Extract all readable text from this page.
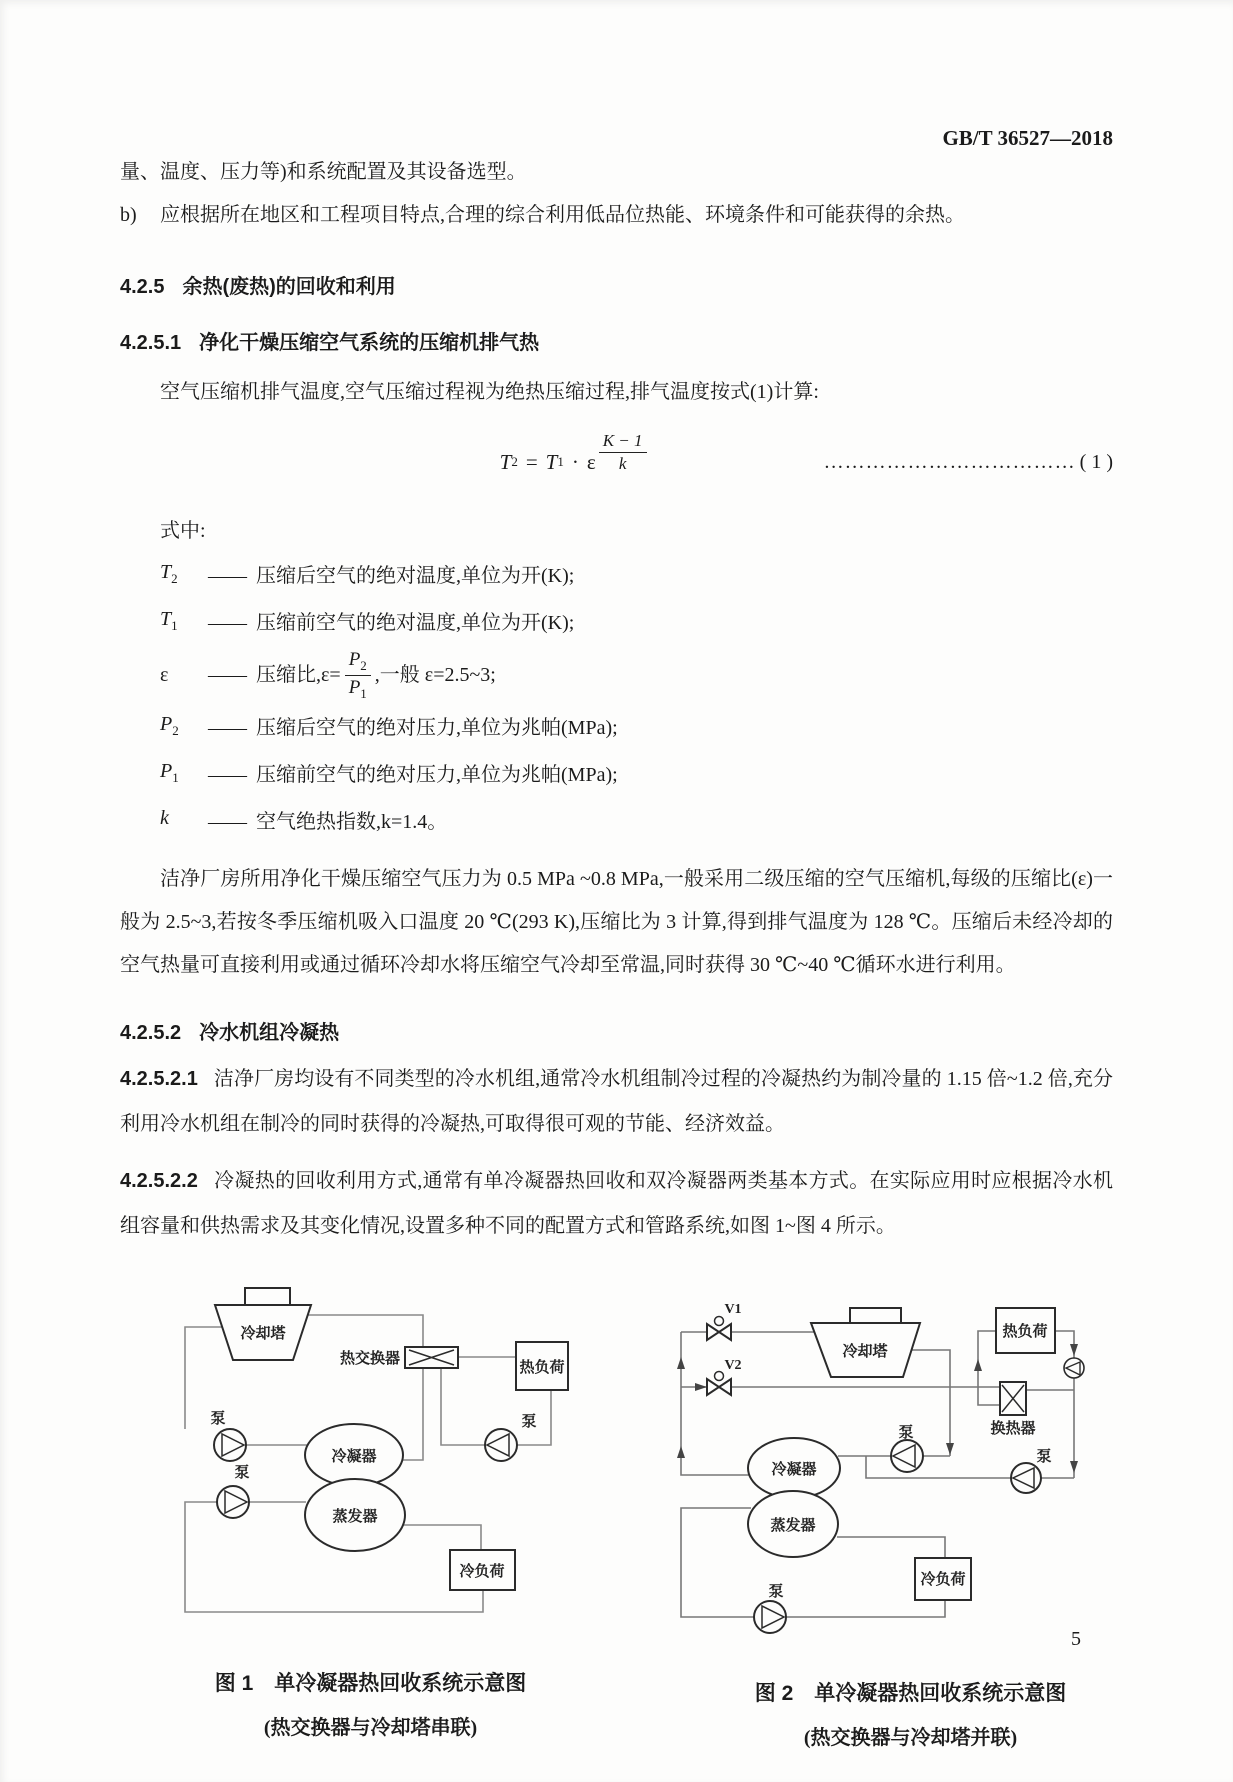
GB/T 36527—2018

量、温度、压力等)和系统配置及其设备选型。

b) 应根据所在地区和工程项目特点,合理的综合利用低品位热能、环境条件和可能获得的余热。

4.2.5 余热(废热)的回收和利用
4.2.5.1 净化干燥压缩空气系统的压缩机排气热

空气压缩机排气温度,空气压缩过程视为绝热压缩过程,排气温度按式(1)计算:

T 2 = T 1 · ε $\frac{K - 1}{k}$	……………………………… ( 1 )

式中:

$T_2$	—— 压缩后空气的绝对温度,单位为开(K);
$T_1$	—— 压缩前空气的绝对温度,单位为开(K);
ε	—— 压缩比$,\varepsilon= \frac{P_2}{P_1}$ ,一般 ε=2.5~3;
$P_2$	—— 压缩后空气的绝对压力,单位为兆帕(MPa);
$P_1$	—— 压缩前空气的绝对压力,单位为兆帕(MPa);
k	—— 空气绝热指数,k=1.4。

洁净厂房所用净化干燥压缩空气压力为 0.5 MPa ~0.8 MPa,一般采用二级压缩的空气压缩机,每级的压缩比(ε)一般为 2.5~3,若按冬季压缩机吸入口温度 20 ℃(293 K),压缩比为 3 计算,得到排气温度为 128 ℃。压缩后未经冷却的空气热量可直接利用或通过循环冷却水将压缩空气冷却至常温,同时获得 30 ℃~40 ℃循环水进行利用。

4.2.5.2 冷水机组冷凝热

4.2.5.2.1 洁净厂房均设有不同类型的冷水机组,通常冷水机组制冷过程的冷凝热约为制冷量的 1.15 倍~1.2 倍,充分利用冷水机组在制冷的同时获得的冷凝热,可取得很可观的节能、经济效益。

4.2.5.2.2 冷凝热的回收利用方式,通常有单冷凝器热回收和双冷凝器两类基本方式。在实际应用时应根据冷水机组容量和供热需求及其变化情况,设置多种不同的配置方式和管路系统,如图 1~图 4 所示。

冷却塔
热交换器
热负荷
泵
泵
泵
冷凝器
蒸发器
冷负荷
图 1　单冷凝器热回收系统示意图
(热交换器与冷却塔串联)
V1
V2
冷却塔
热负荷
换热器
泵
泵
泵
冷凝器
蒸发器
冷负荷
图 2　单冷凝器热回收系统示意图
(热交换器与冷却塔并联)
5
